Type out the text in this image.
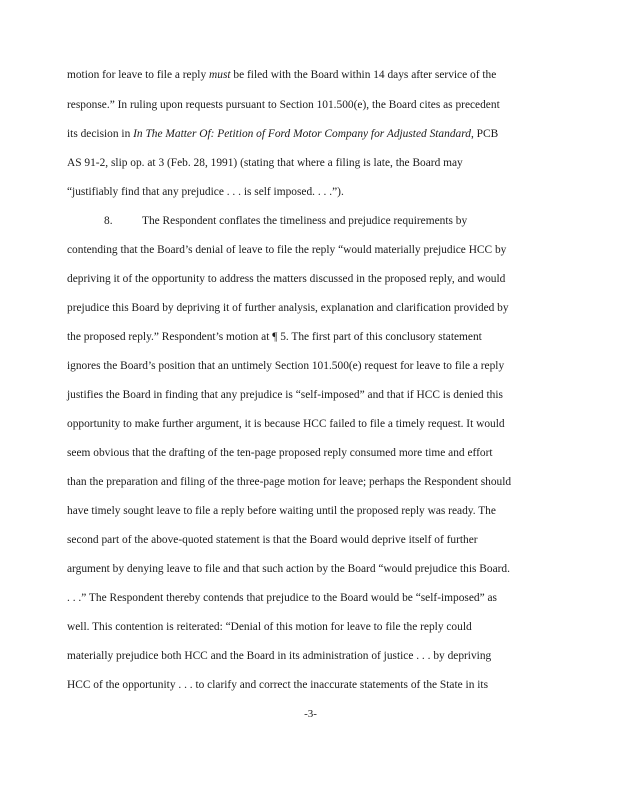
motion for leave to file a reply must be filed with the Board within 14 days after service of the
response.” In ruling upon requests pursuant to Section 101.500(e), the Board cites as precedent
its decision in In The Matter Of: Petition of Ford Motor Company for Adjusted Standard, PCB
AS 91-2, slip op. at 3 (Feb. 28, 1991) (stating that where a filing is late, the Board may
“justifiably find that any prejudice . . . is self imposed. . . .”).
8.	The Respondent conflates the timeliness and prejudice requirements by
contending that the Board’s denial of leave to file the reply “would materially prejudice HCC by
depriving it of the opportunity to address the matters discussed in the proposed reply, and would
prejudice this Board by depriving it of further analysis, explanation and clarification provided by
the proposed reply.” Respondent’s motion at ¶ 5. The first part of this conclusory statement
ignores the Board’s position that an untimely Section 101.500(e) request for leave to file a reply
justifies the Board in finding that any prejudice is “self-imposed” and that if HCC is denied this
opportunity to make further argument, it is because HCC failed to file a timely request. It would
seem obvious that the drafting of the ten-page proposed reply consumed more time and effort
than the preparation and filing of the three-page motion for leave; perhaps the Respondent should
have timely sought leave to file a reply before waiting until the proposed reply was ready. The
second part of the above-quoted statement is that the Board would deprive itself of further
argument by denying leave to file and that such action by the Board “would prejudice this Board.
. . .” The Respondent thereby contends that prejudice to the Board would be “self-imposed” as
well. This contention is reiterated: “Denial of this motion for leave to file the reply could
materially prejudice both HCC and the Board in its administration of justice . . . by depriving
HCC of the opportunity . . . to clarify and correct the inaccurate statements of the State in its
-3-
